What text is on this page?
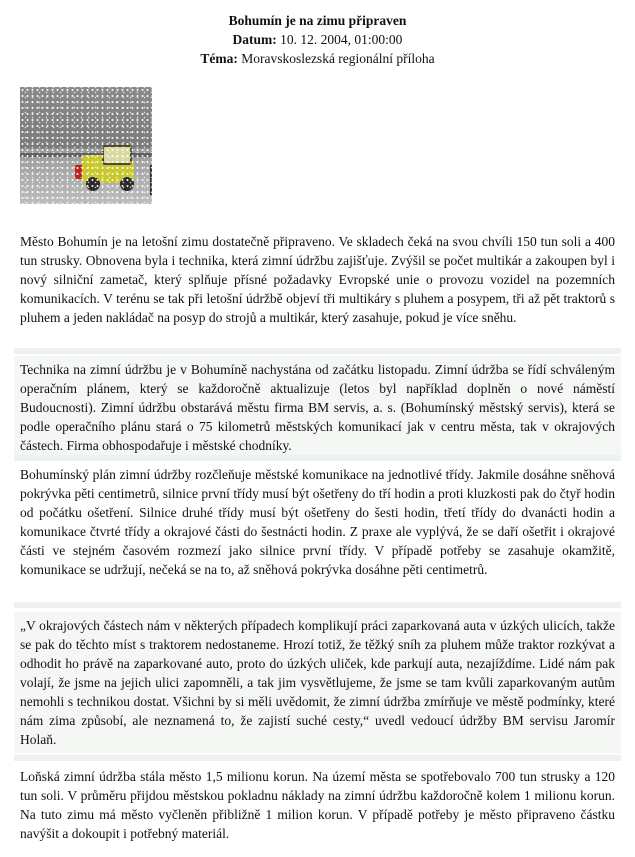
Bohumín je na zimu připraven
Datum: 10. 12. 2004, 01:00:00
Téma: Moravskoslezská regionální příloha
Město Bohumín je na letošní zimu dostatečně připraveno. Ve skladech čeká na svou chvíli 150 tun soli a 400 tun strusky. Obnovena byla i technika, která zimní údržbu zajišťuje. Zvýšil se počet multikár a zakoupen byl i nový silniční zametač, který splňuje přísné požadavky Evropské unie o provozu vozidel na pozemních komunikacích. V terénu se tak při letošní údržbě objeví tři multikáry s pluhem a posypem, tři až pět traktorů s pluhem a jeden nakládač na posyp do strojů a multikár, který zasahuje, pokud je více sněhu.
Technika na zimní údržbu je v Bohumíně nachystána od začátku listopadu. Zimní údržba se řídí schváleným operačním plánem, který se každoročně aktualizuje (letos byl například doplněn o nové náměstí Budoucnosti). Zimní údržbu obstarává městu firma BM servis, a. s. (Bohumínský městský servis), která se podle operačního plánu stará o 75 kilometrů městských komunikací jak v centru města, tak v okrajových částech. Firma obhospodařuje i městské chodníky.
Bohumínský plán zimní údržby rozčleňuje městské komunikace na jednotlivé třídy. Jakmile dosáhne sněhová pokrývka pěti centimetrů, silnice první třídy musí být ošetřeny do tří hodin a proti kluzkosti pak do čtyř hodin od počátku ošetření. Silnice druhé třídy musí být ošetřeny do šesti hodin, třetí třídy do dvanácti hodin a komunikace čtvrté třídy a okrajové části do šestnácti hodin. Z praxe ale vyplývá, že se daří ošetřit i okrajové části ve stejném časovém rozmezí jako silnice první třídy. V případě potřeby se zasahuje okamžitě, komunikace se udržují, nečeká se na to, až sněhová pokrývka dosáhne pěti centimetrů.
„V okrajových částech nám v některých případech komplikují práci zaparkovaná auta v úzkých ulicích, takže se pak do těchto míst s traktorem nedostaneme. Hrozí totiž, že těžký sníh za pluhem může traktor rozkývat a odhodit ho právě na zaparkované auto, proto do úzkých uliček, kde parkují auta, nezajíždíme. Lidé nám pak volají, že jsme na jejich ulici zapomněli, a tak jim vysvětlujeme, že jsme se tam kvůli zaparkovaným autům nemohli s technikou dostat. Všichni by si měli uvědomit, že zimní údržba zmírňuje ve městě podmínky, které nám zima způsobí, ale neznamená to, že zajistí suché cesty,“ uvedl vedoucí údržby BM servisu Jaromír Holaň.
Loňská zimní údržba stála město 1,5 milionu korun. Na území města se spotřebovalo 700 tun strusky a 120 tun soli. V průměru přijdou městskou pokladnu náklady na zimní údržbu každoročně kolem 1 milionu korun. Na tuto zimu má město vyčleněn přibližně 1 milion korun. V případě potřeby je město připraveno částku navýšit a dokoupit i potřebný materiál.
